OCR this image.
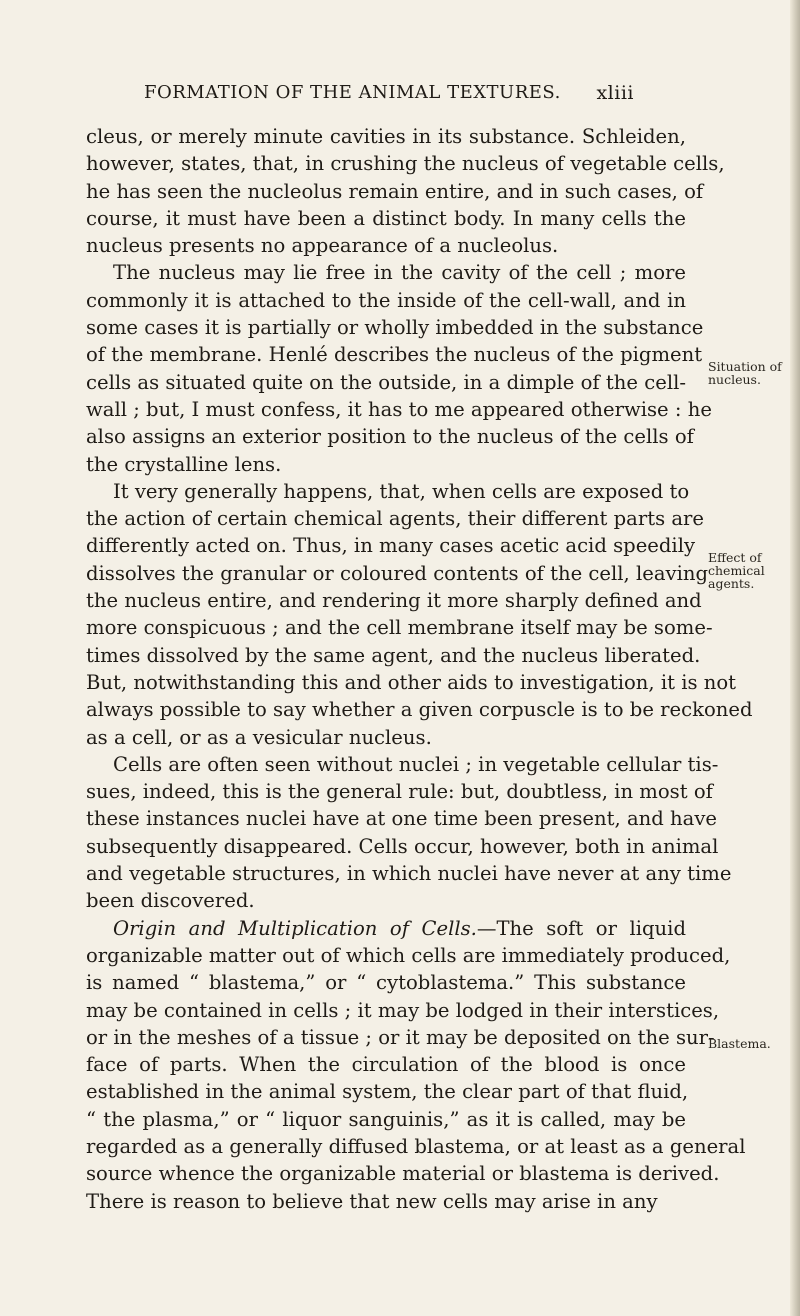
FORMATION OF THE ANIMAL TEXTURES. xliii

cleus, or merely minute cavities in its substance. Schleiden,
however, states, that, in crushing the nucleus of vegetable cells,
he has seen the nucleolus remain entire, and in such cases, of
course, it must have been a distinct body. In many cells the
nucleus presents no appearance of a nucleolus.

The nucleus may lie free in the cavity of the cell ; more
commonly it is attached to the inside of the cell-wall, and in
some cases it is partially or wholly imbedded in the substance
of the membrane. Henlé describes the nucleus of the pigment
cells as situated quite on the outside, in a dimple of the cell-
wall ; but, I must confess, it has to me appeared otherwise : he
also assigns an exterior position to the nucleus of the cells of
the crystalline lens.

It very generally happens, that, when cells are exposed to
the action of certain chemical agents, their different parts are
differently acted on. Thus, in many cases acetic acid speedily
dissolves the granular or coloured contents of the cell, leaving
the nucleus entire, and rendering it more sharply defined and
more conspicuous ; and the cell membrane itself may be some-
times dissolved by the same agent, and the nucleus liberated.
But, notwithstanding this and other aids to investigation, it is not
always possible to say whether a given corpuscle is to be reckoned
as a cell, or as a vesicular nucleus.

Cells are often seen without nuclei ; in vegetable cellular tis-
sues, indeed, this is the general rule: but, doubtless, in most of
these instances nuclei have at one time been present, and have
subsequently disappeared. Cells occur, however, both in animal
and vegetable structures, in which nuclei have never at any time
been discovered.

Origin and Multiplication of Cells.—The soft or liquid
organizable matter out of which cells are immediately produced,
is named “ blastema,” or “ cytoblastema.” This substance
may be contained in cells ; it may be lodged in their interstices,
or in the meshes of a tissue ; or it may be deposited on the sur-
face of parts. When the circulation of the blood is once
established in the animal system, the clear part of that fluid,
“ the plasma,” or “ liquor sanguinis,” as it is called, may be
regarded as a generally diffused blastema, or at least as a general
source whence the organizable material or blastema is derived.
There is reason to believe that new cells may arise in any

Situation of
nucleus.
Effect of
chemical
agents.
Blastema.
